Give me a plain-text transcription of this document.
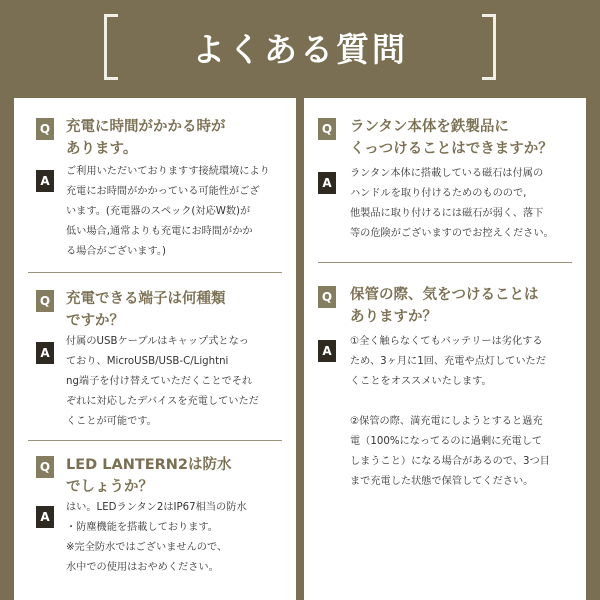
よくある質問
Q 充電に時間がかかる時が
あります。
A
ご利用いただいておりますす接続環境により
充電にお時間がかかっている可能性がござ
います。(充電器のスペック(対応W数)が
低い場合,通常よりも充電にお時間がかか
る場合がございます。)
Q 充電できる端子は何種類
ですか？
A
付属のUSBケーブルはキャップ式となっ
ており、MicroUSB/USB-C/Lightni
ng端子を付け替えていただくことでそれ
ぞれに対応したデバイスを充電していただ
くことが可能です。
Q LED LANTERN2は防水
でしょうか？
A
はい。LEDランタン2はIP67相当の防水
・防塵機能を搭載しております。
※完全防水ではございませんので、
水中での使用はおやめください。
Q ランタン本体を鉄製品に
くっつけることはできますか？
A
ランタン本体に搭載している磁石は付属の
ハンドルを取り付けるためのものので,
他製品に取り付けるには磁石が弱く、落下
等の危険がございますのでお控えください。
Q 保管の際、気をつけることは
ありますか？
A
①全く触らなくてもバッテリーは劣化する
ため、3ヶ月に1回、充電や点灯していただ
くことをオススメいたします。
②保管の際、満充電にしようとすると過充
電（100%になってるのに過剰に充電して
しまうこと）になる場合があるので、3つ目
まで充電した状態で保管してください。
